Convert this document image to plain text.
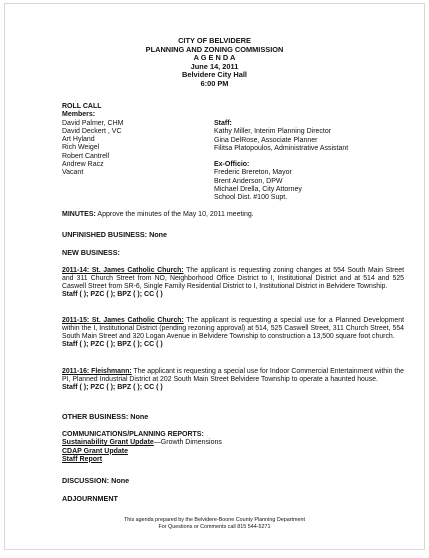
CITY OF BELVIDERE
PLANNING AND ZONING COMMISSION
A G E N D A
June 14, 2011
Belvidere City Hall
6:00 PM
ROLL CALL
Members:
David Palmer, CHM
David Deckert , VC
Art Hyland
Rich Weigel
Robert Cantrell
Andrew Racz
Vacant
Staff:
Kathy Miller, Interim Planning Director
Gina DelRose, Associate Planner
Filitsa Platopoulos, Administrative Assistant
Ex-Officio:
Frederic Brereton, Mayor
Brent Anderson, DPW
Michael Drella, City Attorney
School Dist. #100 Supt.
MINUTES: Approve the minutes of the May 10, 2011 meeting.
UNFINISHED BUSINESS: None
NEW BUSINESS:
2011-14: St. James Catholic Church: The applicant is requesting zoning changes at 554 South Main Street and 311 Church Street from NO, Neighborhood Office District to I, Institutional District and at 514 and 525 Caswell Street from SR-6, Single Family Residential District to I, Institutional District in Belvidere Township.
Staff ( ); PZC ( ); BPZ ( ); CC ( )
2011-15: St. James Catholic Church: The applicant is requesting a special use for a Planned Development within the I, Institutional District (pending rezoning approval) at 514, 525 Caswell Street, 311 Church Street, 554 South Main Street and 320 Logan Avenue in Belvidere Township to construction a 13,500 square foot church.
Staff ( ); PZC ( ); BPZ ( ); CC ( )
2011-16: Fleishmann: The applicant is requesting a special use for Indoor Commercial Entertainment within the PI, Planned Industrial District at 202 South Main Street Belvidere Township to operate a haunted house.
Staff ( ); PZC ( ); BPZ ( ); CC ( )
OTHER BUSINESS: None
COMMUNICATIONS/PLANNING REPORTS:
Sustainability Grant Update—Growth Dimensions
CDAP Grant Update
Staff Report
DISCUSSION: None
ADJOURNMENT
This agenda prepared by the Belvidere-Boone County Planning Department
For Questions or Comments call 815 544-5271
